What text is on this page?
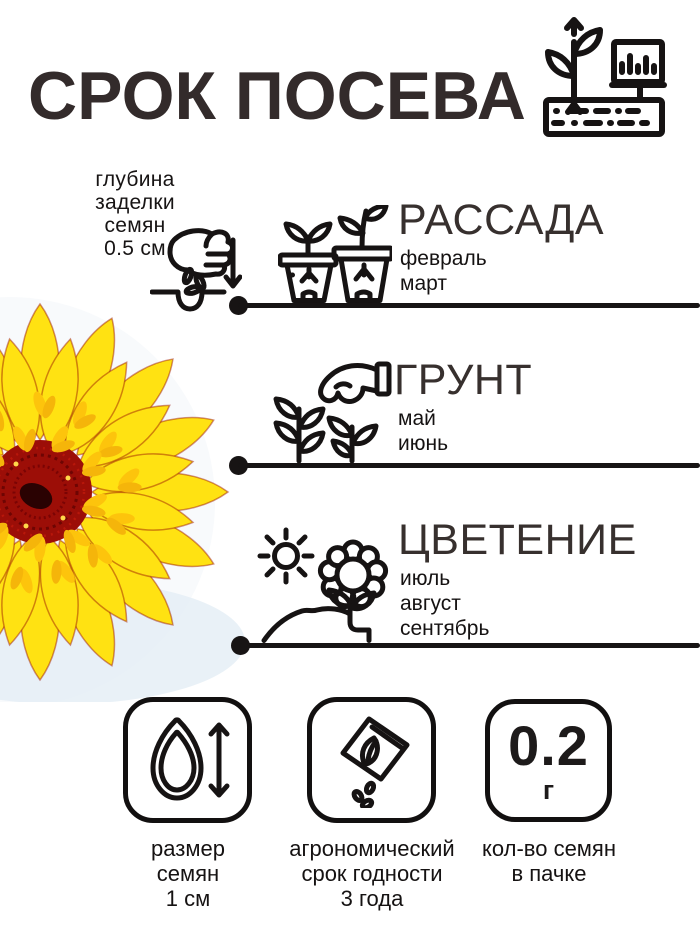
СРОК ПОСЕВА
глубина
заделки
семян
0.5 см
РАССАДА
февраль
март
ГРУНТ
май
июнь
ЦВЕТЕНИЕ
июль
август
сентябрь
размер
семян
1 см
агрономический
срок годности
3 года
0.2
г
кол-во семян
в пачке
